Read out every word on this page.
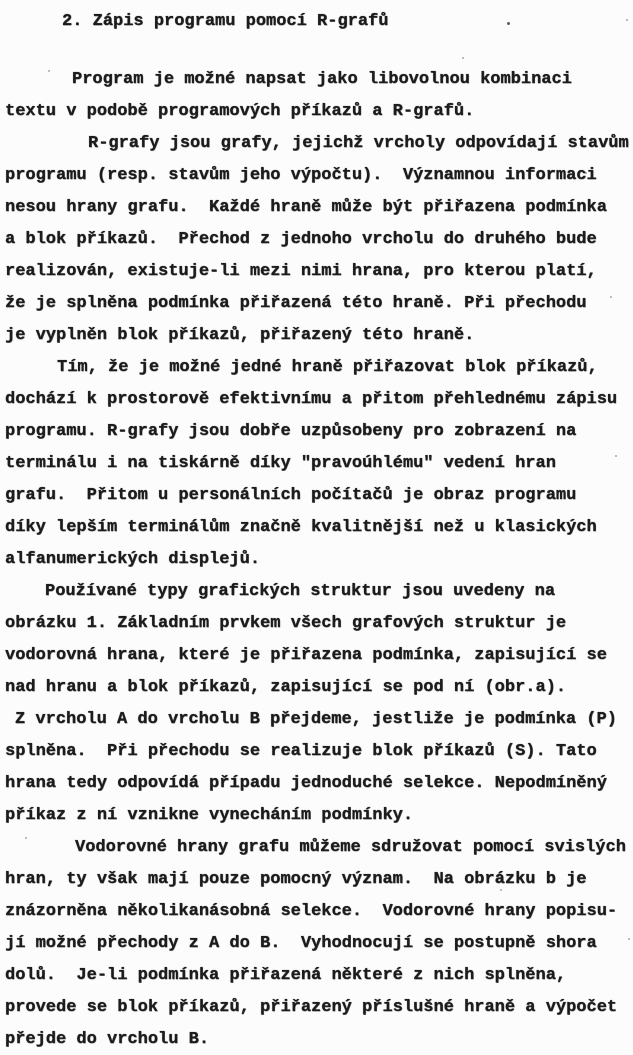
2. Zápis programu pomocí R-grafů
Program je možné napsat jako libovolnou kombinaci
textu v podobě programových příkazů a R-grafů.
R-grafy jsou grafy, jejichž vrcholy odpovídají stavům
programu (resp. stavům jeho výpočtu).  Významnou informaci
nesou hrany grafu.  Každé hraně může být přiřazena podmínka
a blok příkazů.  Přechod z jednoho vrcholu do druhého bude
realizován, existuje-li mezi nimi hrana, pro kterou platí,
že je splněna podmínka přiřazená této hraně. Při přechodu
je vyplněn blok příkazů, přiřazený této hraně.
Tím, že je možné jedné hraně přiřazovat blok příkazů,
dochází k prostorově efektivnímu a přitom přehlednému zápisu
programu. R-grafy jsou dobře uzpůsobeny pro zobrazení na
terminálu i na tiskárně díky "pravoúhlému" vedení hran
grafu.  Přitom u personálních počítačů je obraz programu
díky lepším terminálům značně kvalitnější než u klasických
alfanumerických displejů.
Používané typy grafických struktur jsou uvedeny na
obrázku 1. Základním prvkem všech grafových struktur je
vodorovná hrana, které je přiřazena podmínka, zapisující se
nad hranu a blok příkazů, zapisující se pod ní (obr.a).
Z vrcholu A do vrcholu B přejdeme, jestliže je podmínka (P)
splněna.  Při přechodu se realizuje blok příkazů (S). Tato
hrana tedy odpovídá případu jednoduché selekce. Nepodmíněný
příkaz z ní vznikne vynecháním podmínky.
Vodorovné hrany grafu můžeme sdružovat pomocí svislých
hran, ty však mají pouze pomocný význam.  Na obrázku b je
znázorněna několikanásobná selekce.  Vodorovné hrany popisu-
jí možné přechody z A do B.  Vyhodnocují se postupně shora
dolů.  Je-li podmínka přiřazená některé z nich splněna,
provede se blok příkazů, přiřazený příslušné hraně a výpočet
přejde do vrcholu B.
